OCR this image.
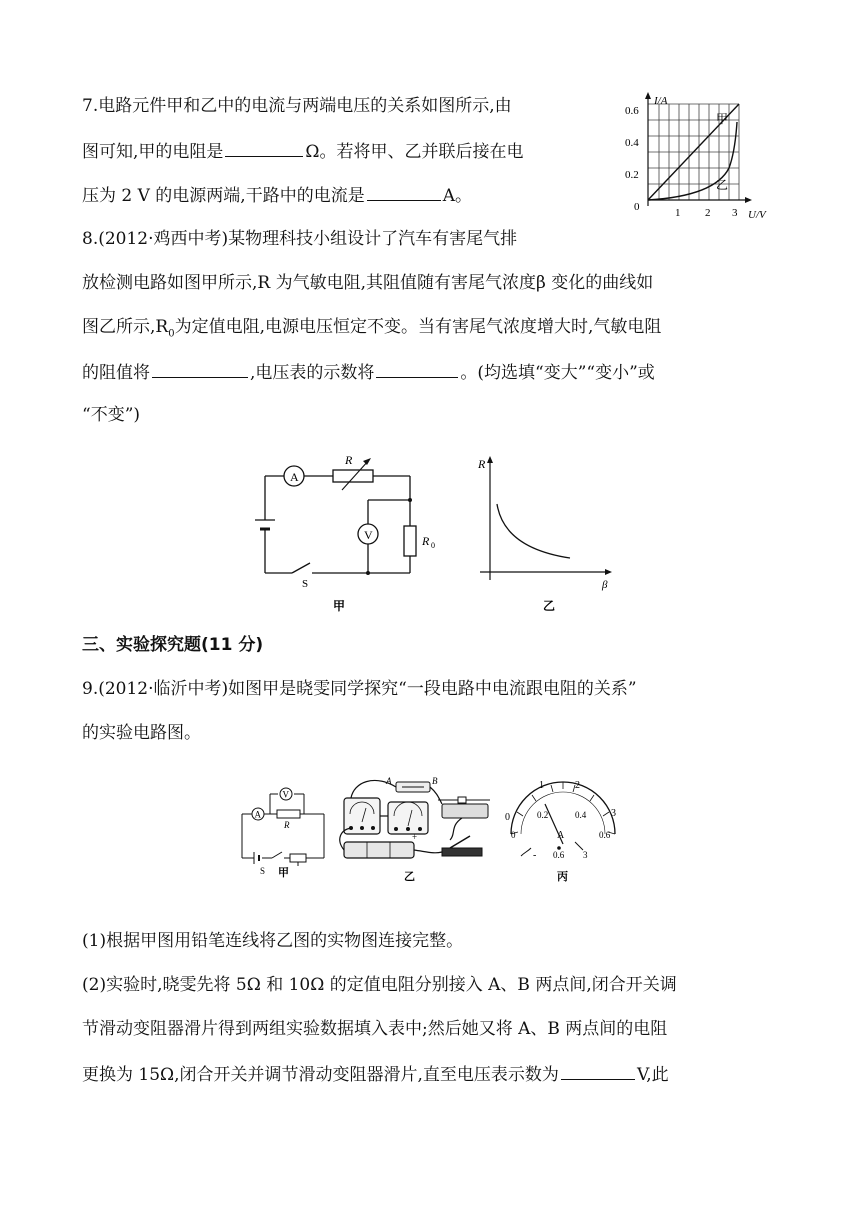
7.电路元件甲和乙中的电流与两端电压的关系如图所示,由
图可知,甲的电阻是	Ω。若将甲、乙并联后接在电
压为 2 V 的电源两端,干路中的电流是	A。
I/A
U/V
0.6
0.4
0.2
0	1 2 3
甲
乙
8.(2012·鸡西中考)某物理科技小组设计了汽车有害尾气排
放检测电路如图甲所示,R 为气敏电阻,其阻值随有害尾气浓度β 变化的曲线如
图乙所示$,R_0$为定值电阻,电源电压恒定不变。当有害尾气浓度增大时,气敏电阻
的阻值将	,电压表的示数将	。(均选填“变大”“变小”或
“不变”)
A
R
R 0
V
S
甲
R
β
乙
三、实验探究题(11 分)
9.(2012·临沂中考)如图甲是晓雯同学探究“一段电路中电流跟电阻的关系”
的实验电路图。
A
V
R
S 甲
A	B
+
乙
0
1	2
3
0
0.2	0.4
0.6
A
- 0.6 3
丙
(1)根据甲图用铅笔连线将乙图的实物图连接完整。
(2)实验时,晓雯先将 5Ω 和 10Ω 的定值电阻分别接入 A、B 两点间,闭合开关调
节滑动变阻器滑片得到两组实验数据填入表中;然后她又将 A、B 两点间的电阻
更换为 15Ω,闭合开关并调节滑动变阻器滑片,直至电压表示数为	V,此
